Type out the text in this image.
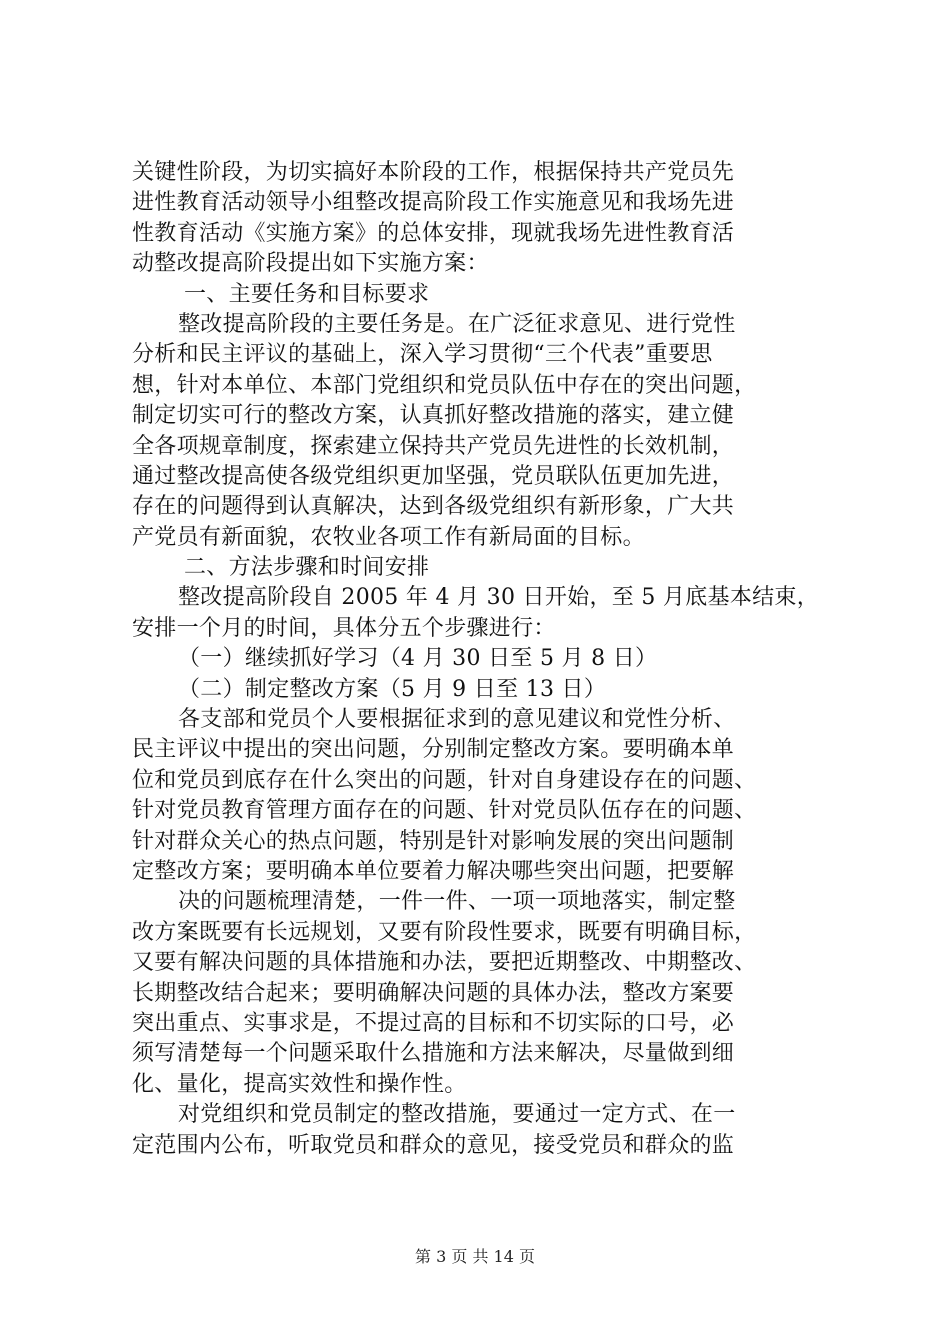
关键性阶段，为切实搞好本阶段的工作，根据保持共产党员先
进性教育活动领导小组整改提高阶段工作实施意见和我场先进
性教育活动《实施方案》的总体安排，现就我场先进性教育活
动整改提高阶段提出如下实施方案：
一、主要任务和目标要求
整改提高阶段的主要任务是。在广泛征求意见、进行党性
分析和民主评议的基础上，深入学习贯彻“三个代表”重要思
想，针对本单位、本部门党组织和党员队伍中存在的突出问题，
制定切实可行的整改方案，认真抓好整改措施的落实，建立健
全各项规章制度，探索建立保持共产党员先进性的长效机制，
通过整改提高使各级党组织更加坚强，党员联队伍更加先进，
存在的问题得到认真解决，达到各级党组织有新形象，广大共
产党员有新面貌，农牧业各项工作有新局面的目标。
二、方法步骤和时间安排
整改提高阶段自 2005 年 4 月 30 日开始，至 5 月底基本结束，
安排一个月的时间，具体分五个步骤进行：
（一）继续抓好学习（4 月 30 日至 5 月 8 日）
（二）制定整改方案（5 月 9 日至 13 日）
各支部和党员个人要根据征求到的意见建议和党性分析、
民主评议中提出的突出问题，分别制定整改方案。要明确本单
位和党员到底存在什么突出的问题，针对自身建设存在的问题、
针对党员教育管理方面存在的问题、针对党员队伍存在的问题、
针对群众关心的热点问题，特别是针对影响发展的突出问题制
定整改方案；要明确本单位要着力解决哪些突出问题，把要解
决的问题梳理清楚，一件一件、一项一项地落实，制定整
改方案既要有长远规划，又要有阶段性要求，既要有明确目标，
又要有解决问题的具体措施和办法，要把近期整改、中期整改、
长期整改结合起来；要明确解决问题的具体办法，整改方案要
突出重点、实事求是，不提过高的目标和不切实际的口号，必
须写清楚每一个问题采取什么措施和方法来解决，尽量做到细
化、量化，提高实效性和操作性。
对党组织和党员制定的整改措施，要通过一定方式、在一
定范围内公布，听取党员和群众的意见，接受党员和群众的监
第 3 页 共 14 页
